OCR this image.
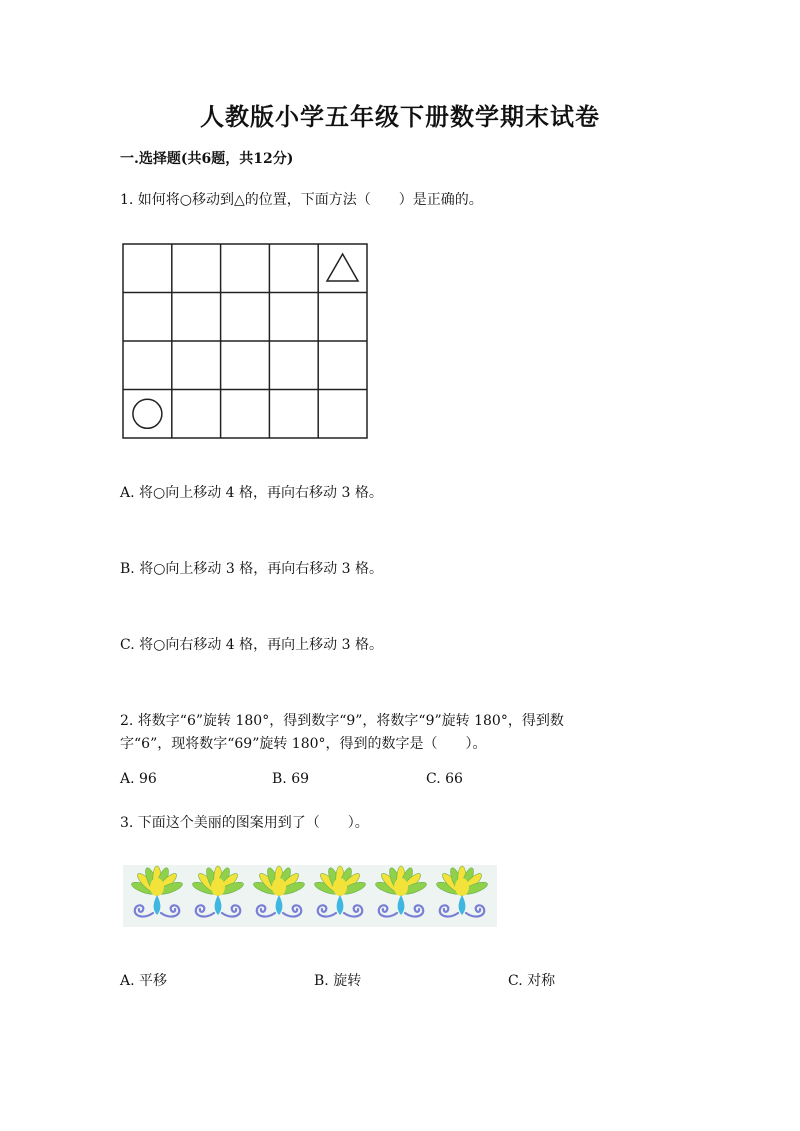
人教版小学五年级下册数学期末试卷
一.选择题(共6题，共12分)
1. 如何将○移动到△的位置，下面方法（　　）是正确的。
A. 将○向上移动 4 格，再向右移动 3 格。
B. 将○向上移动 3 格，再向右移动 3 格。
C. 将○向右移动 4 格，再向上移动 3 格。
2. 将数字“6”旋转 180°，得到数字“9”，将数字“9”旋转 180°，得到数
字“6”，现将数字“69”旋转 180°，得到的数字是（　　）。
A. 96	B. 69	C. 66
3. 下面这个美丽的图案用到了（　　）。
A. 平移	B. 旋转	C. 对称
